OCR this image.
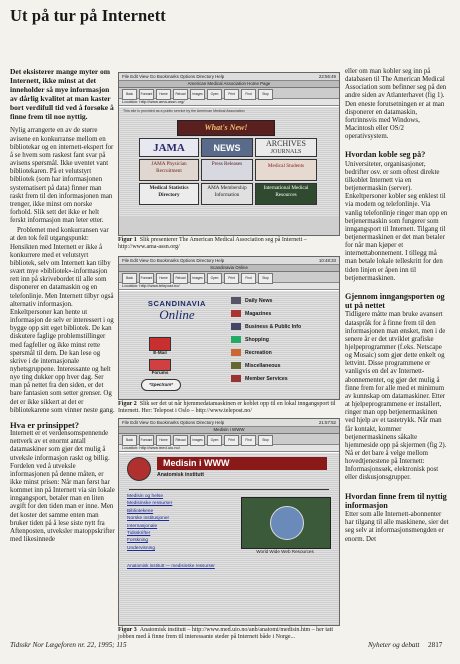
Ut på tur på Internett

Det eksisterer mange myter om Internett, ikke minst at det inneholder så mye informasjon av dårlig kvalitet at man kaster bort verdifull tid ved å forsøke å finne frem til noe nyttig.

Nylig arrangerte en av de større avisene en konkurranse mellom en bibliotekar og en internett-ekspert for å se hvem som raskest fant svar på avisens spørsmål. Ikke uventet vant bibliotekaren. På et velutstyrt bibliotek (som har informasjonen systematisert på data) finner man raskt frem til den informasjonen man trenger, ikke minst om norske forhold. Slik sett det ikke er helt ferskt informasjon man leter etter.

Problemet med konkurransen var at den tok feil utgangspunkt: Hensikten med Internett er ikke å konkurrere med et velutstyrt bibliotek, selv om Internett kan tilby svært mye «bibliotek»-informasjon rett inn på skrivebordet til alle som disponerer en datamaskin og en telefonlinje. Men Internett tilbyr også alternativ informasjon. Enkeltpersoner kan hente ut informasjon de selv er interessert i og bygge opp sitt eget bibliotek. De kan diskutere faglige problemstillinger med fagfeller og ikke minst rette spørsmål til dem. De kan lese og skrive i de internasjonale nyhetsgruppene. Interessante og helt nye ting dukker opp hver dag. Ser man på nettet fra den siden, er det bare fantasien som setter grenser. Og det er ikke sikkert at det er bibliotekarene som vinner neste gang.

Hva er prinsippet?

Internett er et verdensomspennende nettverk av et enormt antall datamaskiner som gjør det mulig å utveksle informasjon raskt og billig. Fordelen ved å utveksle informasjonen på denne måten, er ikke minst prisen: Når man først har kommet inn på Internett via sin lokale inngangsport, betaler man en liten avgift for den tiden man er inne. Men det koster det samme enten man bruker tiden på å lese siste nytt fra Aftenposten, utveksler matoppskrifter med likesinnede

File Edit View Go Bookmarks Options Directory Help	22:56:49
American Medical Association Home Page
Back	Forward	Home	Reload	Images	Open	Print	Find	Stop
Location: http://www.ama-assn.org/
This site is provided as a public service by the American Medical Association
What's New!
JAMA	NEWS	ARCHIVES
JOURNALS
JAMA Physician Recruitment
Press Releases	Medical Students
Medical Statistics Directory
AMA Membership Information
International Medical Resources
Figur 1 Slik presenterer The American Medical Association seg på Internett – http://www.ama-assn.org/
File Edit View Go Bookmarks Options Directory Help	10:48:33
Scandinavia Online
Back	Forward	Home	Reload	Images	Open	Print	Find	Stop
Location: http://www.telepost.no/
SCANDINAVIA
Online
E-Mail
Forums
*Spectrum*
Daily News
Magazines
Business & Public Info
Shopping
Recreation
Miscellaneous
Member Services
Figur 2 Slik ser det ut når hjemmedatamaskinen er koblet opp til en lokal inngangsport til Internett. Her: Telepost i Oslo – http://www.telepost.no/
File Edit View Go Bookmarks Options Directory Help	21:57:52
Medisin i WWW
Back	Forward	Home	Reload	Images	Open	Print	Find	Stop
Location: http://www.med.uio.no/
Medisin i WWW
Anatomisk institutt
Medisin og helse
Medisinske ressurser
Bibliotekene
Norske institusjoner
Internasjonale
Tidsskrifter
Forskning
Undervisning
World Wide Web Resources
Anatomisk institutt — medisinske ressurser
Figur 3 Anatomisk institutt – http://www.med.uio.no/anb/anatomi/medisin.htm – her tatt jobben med å finne frem til interessante steder på Internett både i Norge...

eller om man kobler seg inn på databasen til The American Medical Association som befinner seg på den andre siden av Atlanterhavet (fig 1). Den eneste forutsetningen er at man disponerer en datamaskin, fortrinnsvis med Windows, Macintosh eller OS/2 operativsystem.

Hvordan koble seg på?

Universiteter, organisasjoner, bedrifter osv. er som oftest direkte tilkoblet Internett via en betjenermaskin (server). Enkeltpersoner kobler seg enklest til via modem og telefonlinje. Via vanlig telefonlinje ringer man opp en betjenermaskin som fungerer som inngangsport til Internett. Tilgang til betjenermaskinen er det man betaler for når man kjøper et internettabonnement. I tillegg må man betale lokale telleskritt for den tiden linjen er åpen inn til betjenermaskinen.

Gjennom inngangsporten og ut på nettet

Tidligere måtte man bruke avansert dataspråk for å finne frem til den informasjonen man ønsket, men i de senere år er det utviklet grafiske hjelpeprogrammer (f.eks. Netscape og Mosaic) som gjør dette enkelt og lettvint. Disse programmene er vanligvis en del av Internett-abonnementet, og gjør det mulig å finne frem for alle med et minimum av kunnskap om datamaskiner. Etter at hjelpeprogrammene er installert, ringer man opp betjenermaskinen ved hjelp av et tastetrykk. Når man får kontakt, kommer betjenermaskinens såkalte hjemmeside opp på skjermen (fig 2). Nå er det bare å velge mellom hovedtjenestene på Internett: Informasjonssøk, elektronisk post eller diskusjonsgrupper.

Hvordan finne frem til nyttig informasjon

Etter som alle Internett-abonnenter har tilgang til alle maskinene, sier det seg selv at informasjonsmengden er enorm. Det

Tidsskr Nor Lægeforen nr. 22, 1995; 115	Nyheter og debatt 2817
